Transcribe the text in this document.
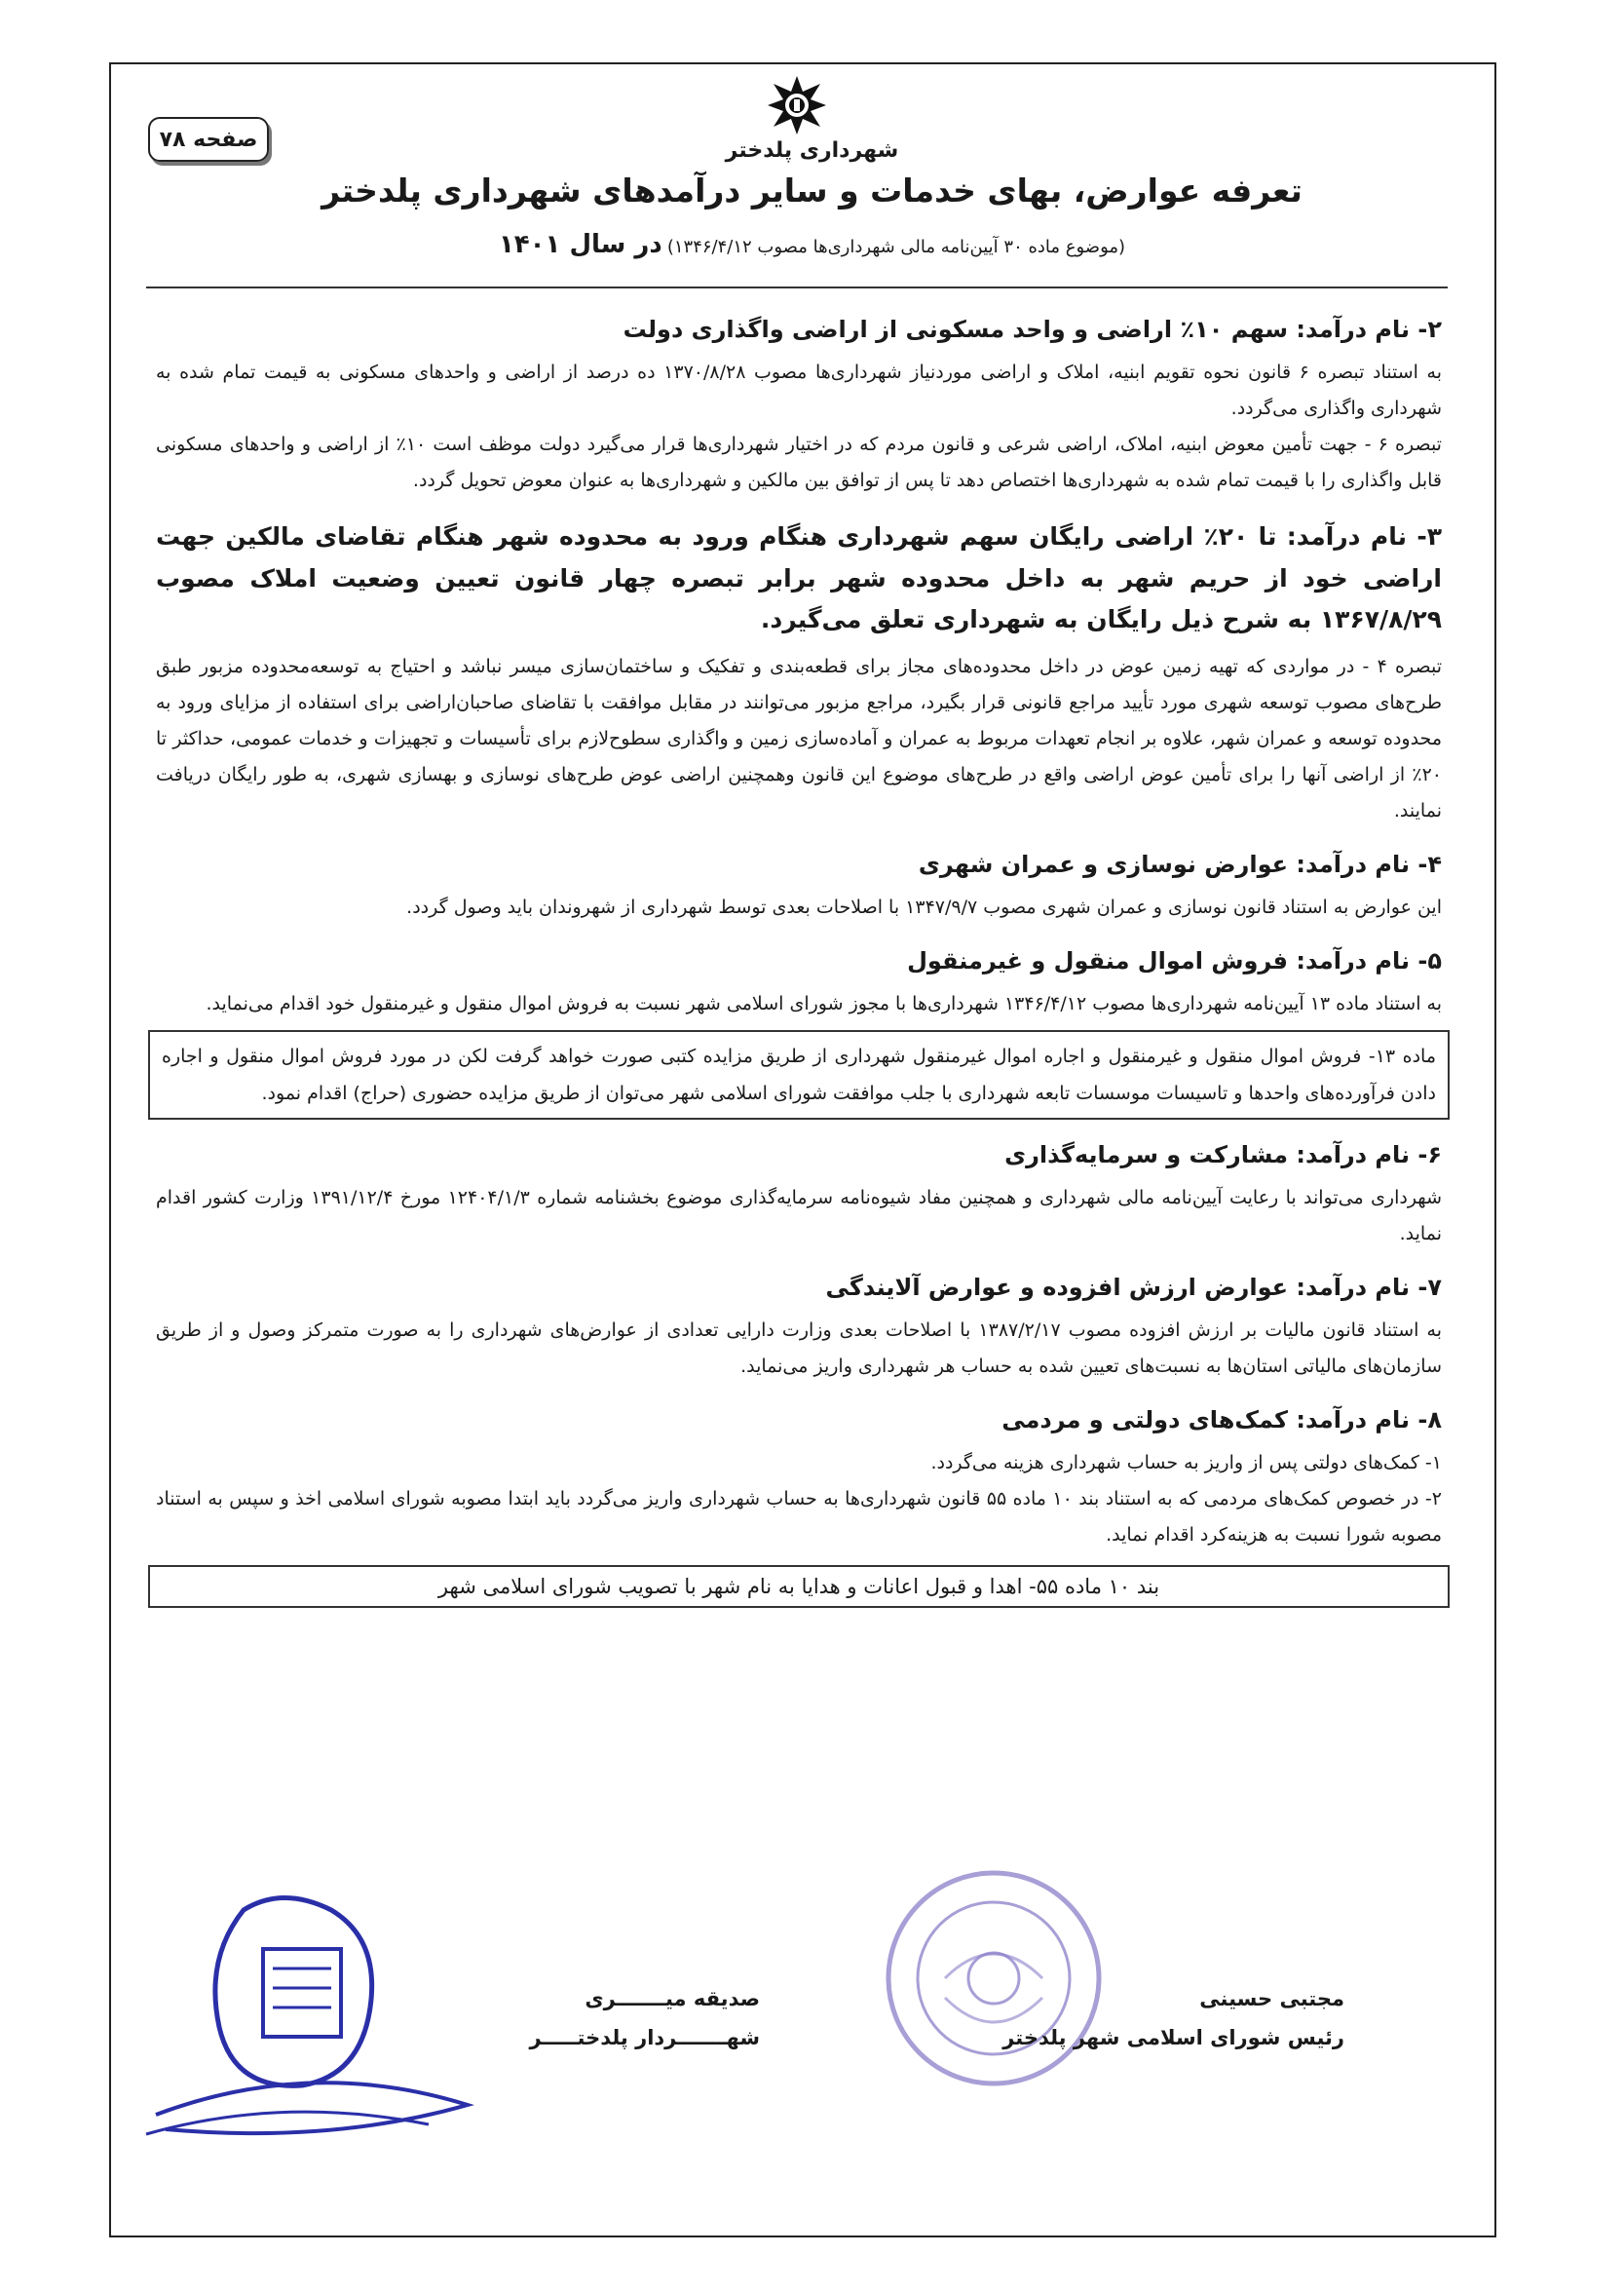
صفحه ۷۸	شهرداری پلدختر
تعرفه عوارض، بهای خدمات و سایر درآمدهای شهرداری پلدختر
(موضوع ماده ۳۰ آیین‌نامه مالی شهرداری‌ها مصوب ۱۳۴۶/۴/۱۲) در سال ۱۴۰۱
۲- نام درآمد: سهم ۱۰٪ اراضی و واحد مسکونی از اراضی واگذاری دولت

به استناد تبصره ۶ قانون نحوه تقویم ابنیه، املاک و اراضی موردنیاز شهرداری‌ها مصوب ۱۳۷۰/۸/۲۸ ده درصد از اراضی و واحدهای مسکونی به قیمت تمام شده به شهرداری واگذاری می‌گردد.

تبصره ۶ - جهت تأمین معوض ابنیه، املاک، اراضی شرعی و قانون مردم که در اختیار شهرداری‌ها قرار می‌گیرد دولت موظف است ۱۰٪ از اراضی و واحدهای مسکونی قابل واگذاری را با قیمت تمام شده به شهرداری‌ها اختصاص دهد تا پس از توافق بین مالکین و شهرداری‌ها به عنوان معوض تحویل گردد.

۳- نام درآمد: تا ۲۰٪ اراضی رایگان سهم شهرداری هنگام ورود به محدوده شهر هنگام تقاضای مالکین جهت اراضی خود از حریم شهر به داخل محدوده شهر برابر تبصره چهار قانون تعیین وضعیت املاک مصوب ۱۳۶۷/۸/۲۹ به شرح ذیل رایگان به شهرداری تعلق می‌گیرد.

تبصره ۴ - در مواردی که تهیه زمین عوض در داخل محدوده‌های مجاز برای قطعه‌بندی و تفکیک و ساختمان‌سازی میسر نباشد و احتیاج به توسعه‌محدوده مزبور طبق طرح‌های مصوب توسعه شهری مورد تأیید مراجع قانونی قرار بگیرد، مراجع مزبور می‌توانند در مقابل موافقت با تقاضای صاحبان‌اراضی برای استفاده از مزایای ورود به محدوده توسعه و عمران شهر، علاوه بر انجام تعهدات مربوط به عمران و آماده‌سازی زمین و واگذاری سطوح‌لازم برای تأسیسات و تجهیزات و خدمات عمومی، حداکثر تا ۲۰٪ از اراضی آنها را برای تأمین عوض اراضی واقع در طرح‌های موضوع این قانون وهمچنین اراضی عوض طرح‌های نوسازی و بهسازی شهری، به طور رایگان دریافت نمایند.

۴- نام درآمد: عوارض نوسازی و عمران شهری

این عوارض به استناد قانون نوسازی و عمران شهری مصوب ۱۳۴۷/۹/۷ با اصلاحات بعدی توسط شهرداری از شهروندان باید وصول گردد.

۵- نام درآمد: فروش اموال منقول و غیرمنقول

به استناد ماده ۱۳ آیین‌نامه شهرداری‌ها مصوب ۱۳۴۶/۴/۱۲ شهرداری‌ها با مجوز شورای اسلامی شهر نسبت به فروش اموال منقول و غیرمنقول خود اقدام می‌نماید.

ماده ۱۳- فروش اموال منقول و غیرمنقول و اجاره اموال غیرمنقول شهرداری از طریق مزایده کتبی صورت خواهد گرفت لکن در مورد فروش اموال منقول و اجاره دادن فرآورده‌های واحدها و تاسیسات موسسات تابعه شهرداری با جلب موافقت شورای اسلامی شهر می‌توان از طریق مزایده حضوری (حراج) اقدام نمود.

۶- نام درآمد: مشارکت و سرمایه‌گذاری

شهرداری می‌تواند با رعایت آیین‌نامه مالی شهرداری و همچنین مفاد شیوه‌نامه سرمایه‌گذاری موضوع بخشنامه شماره ۱۲۴۰۴/۱/۳ مورخ ۱۳۹۱/۱۲/۴ وزارت کشور اقدام نماید.

۷- نام درآمد: عوارض ارزش افزوده و عوارض آلایندگی

به استناد قانون مالیات بر ارزش افزوده مصوب ۱۳۸۷/۲/۱۷ با اصلاحات بعدی وزارت دارایی تعدادی از عوارض‌های شهرداری را به صورت متمرکز وصول و از طریق سازمان‌های مالیاتی استان‌ها به نسبت‌های تعیین شده به حساب هر شهرداری واریز می‌نماید.

۸- نام درآمد: کمک‌های دولتی و مردمی

۱- کمک‌های دولتی پس از واریز به حساب شهرداری هزینه می‌گردد.

۲- در خصوص کمک‌های مردمی که به استناد بند ۱۰ ماده ۵۵ قانون شهرداری‌ها به حساب شهرداری واریز می‌گردد باید ابتدا مصوبه شورای اسلامی اخذ و سپس به استناد مصوبه شورا نسبت به هزینه‌کرد اقدام نماید.

بند ۱۰ ماده ۵۵- اهدا و قبول اعانات و هدایا به نام شهر با تصویب شورای اسلامی شهر
مجتبی حسینی
رئیس شورای اسلامی شهر پلدختر
صدیقه میـــــــری
شهـــــــردار پلدختـــــر
